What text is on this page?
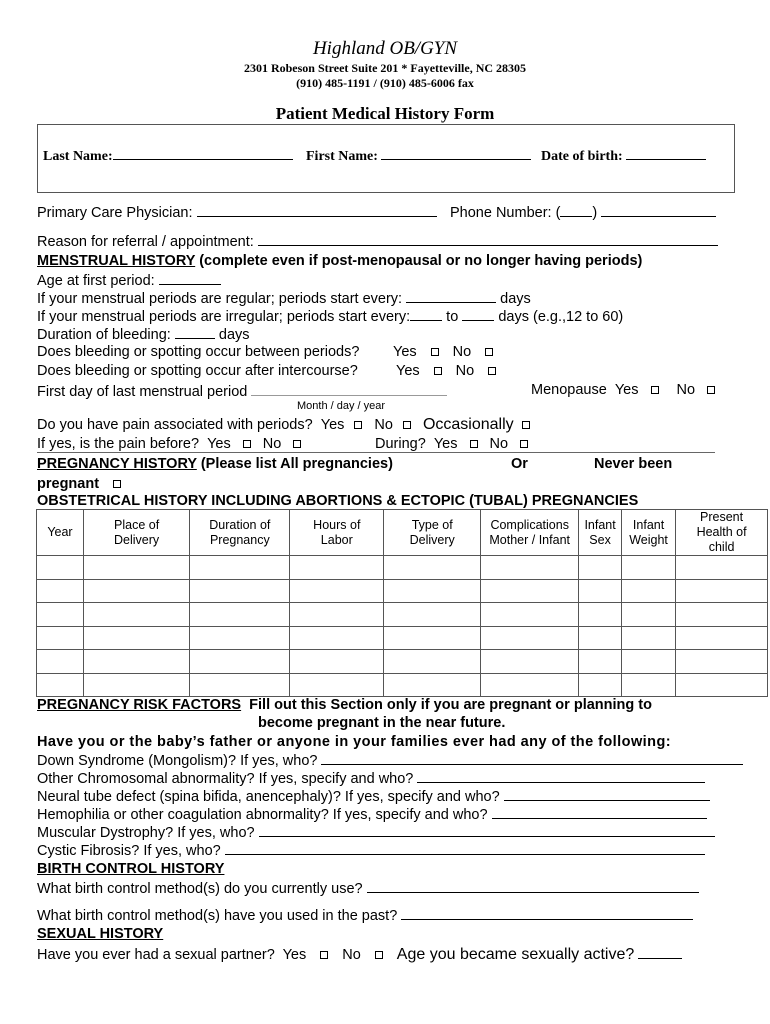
Highland OB/GYN
2301 Robeson Street Suite 201 * Fayetteville, NC 28305
(910) 485-1191 / (910) 485-6006 fax
Patient Medical History Form
Last Name:	First Name:	Date of birth:
Primary Care Physician:	Phone Number: ( )
Reason for referral / appointment:
MENSTRUAL HISTORY (complete even if post-menopausal or no longer having periods)
Age at first period:
If your menstrual periods are regular; periods start every:	days
If your menstrual periods are irregular; periods start every: to	days (e.g.,12 to 60)
Duration of bleeding:	days
Does bleeding or spotting occur between periods? Yes No
Does bleeding or spotting occur after intercourse?	Yes No
First day of last menstrual period
Month / day / year
Menopause Yes	No
Do you have pain associated with periods? Yes No Occasionally
If yes, is the pain before? Yes No	During? Yes No
PREGNANCY HISTORY (Please list All pregnancies)	Or	Never been
pregnant
OBSTETRICAL HISTORY INCLUDING ABORTIONS & ECTOPIC (TUBAL) PREGNANCIES
Year	Place of Delivery	Duration of Pregnancy	Hours of Labor	Type of Delivery	Complications Mother / Infant	Infant Sex	Infant Weight	Present Health of child

PREGNANCY RISK FACTORS Fill out this Section only if you are pregnant or planning to
become pregnant in the near future.
Have you or the baby’s father or anyone in your families ever had any of the following:
Down Syndrome (Mongolism)? If yes, who?
Other Chromosomal abnormality? If yes, specify and who?
Neural tube defect (spina bifida, anencephaly)? If yes, specify and who?
Hemophilia or other coagulation abnormality? If yes, specify and who?
Muscular Dystrophy? If yes, who?
Cystic Fibrosis? If yes, who?
BIRTH CONTROL HISTORY
What birth control method(s) do you currently use?
What birth control method(s) have you used in the past?
SEXUAL HISTORY
Have you ever had a sexual partner? Yes No Age you became sexually active?
